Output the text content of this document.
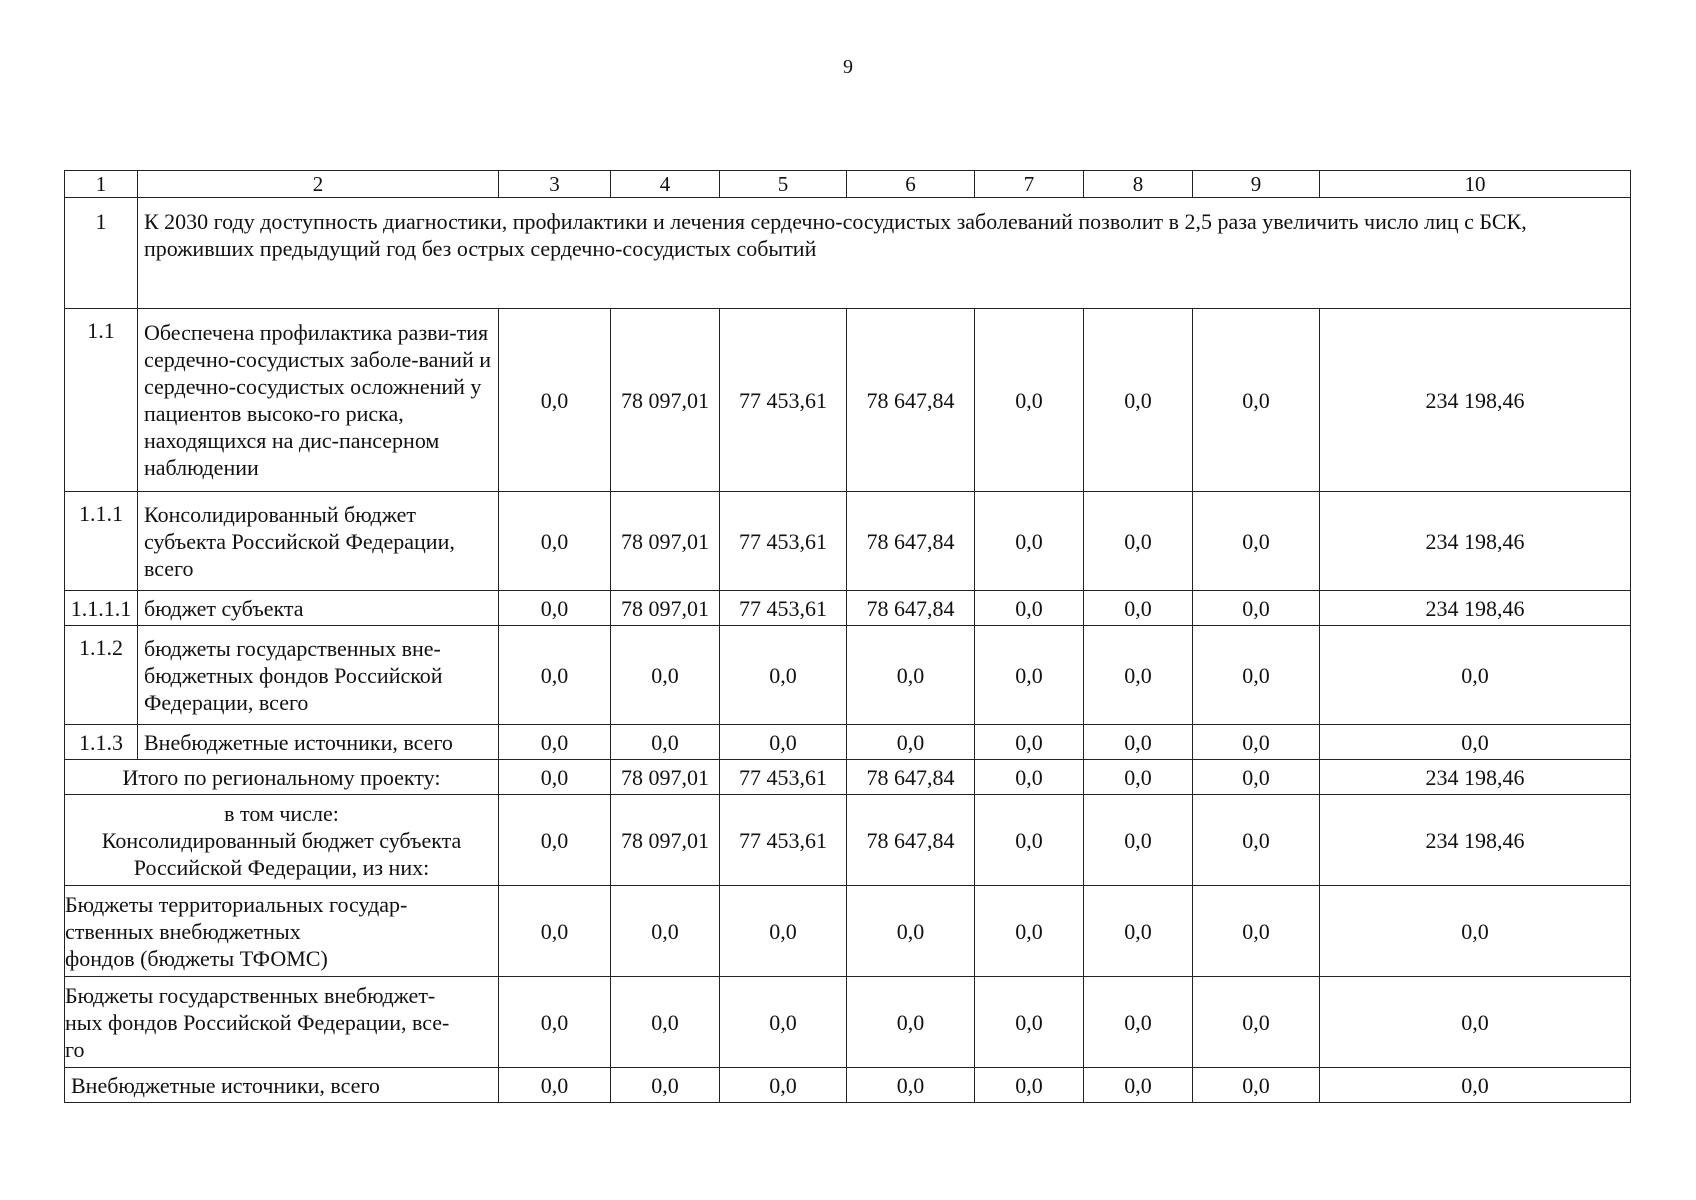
9
1	2	3	4	5	6	7	8	9	10
1	К 2030 году доступность диагностики, профилактики и лечения сердечно-сосудистых заболеваний позволит в 2,5 раза увеличить число лиц с БСК, проживших предыдущий год без острых сердечно-сосудистых событий								
1.1	Обеспечена профилактика разви-тия сердечно-сосудистых заболе-ваний и сердечно-сосудистых осложнений у пациентов высоко-го риска, находящихся на дис-пансерном наблюдении	0,0	78 097,01	77 453,61	78 647,84	0,0	0,0	0,0	234 198,46
1.1.1	Консолидированный бюджет субъекта Российской Федерации, всего	0,0	78 097,01	77 453,61	78 647,84	0,0	0,0	0,0	234 198,46
1.1.1.1	бюджет субъекта	0,0	78 097,01	77 453,61	78 647,84	0,0	0,0	0,0	234 198,46
1.1.2	бюджеты государственных вне-бюджетных фондов Российской Федерации, всего	0,0	0,0	0,0	0,0	0,0	0,0	0,0	0,0
1.1.3	Внебюджетные источники, всего	0,0	0,0	0,0	0,0	0,0	0,0	0,0	0,0
Итого по региональному проекту:		0,0	78 097,01	77 453,61	78 647,84	0,0	0,0	0,0	234 198,46

в том числе:
Консолидированный бюджет субъекта
Российской Федерации, из них:		0,0	78 097,01	77 453,61	78 647,84	0,0	0,0	0,0	234 198,46

Бюджеты территориальных государ-
ственных внебюджетных
фондов (бюджеты ТФОМС)		0,0	0,0	0,0	0,0	0,0	0,0	0,0	0,0

Бюджеты государственных внебюджет-
ных фондов Российской Федерации, все-
го		0,0	0,0	0,0	0,0	0,0	0,0	0,0	0,0
Внебюджетные источники, всего		0,0	0,0	0,0	0,0	0,0	0,0	0,0	0,0
